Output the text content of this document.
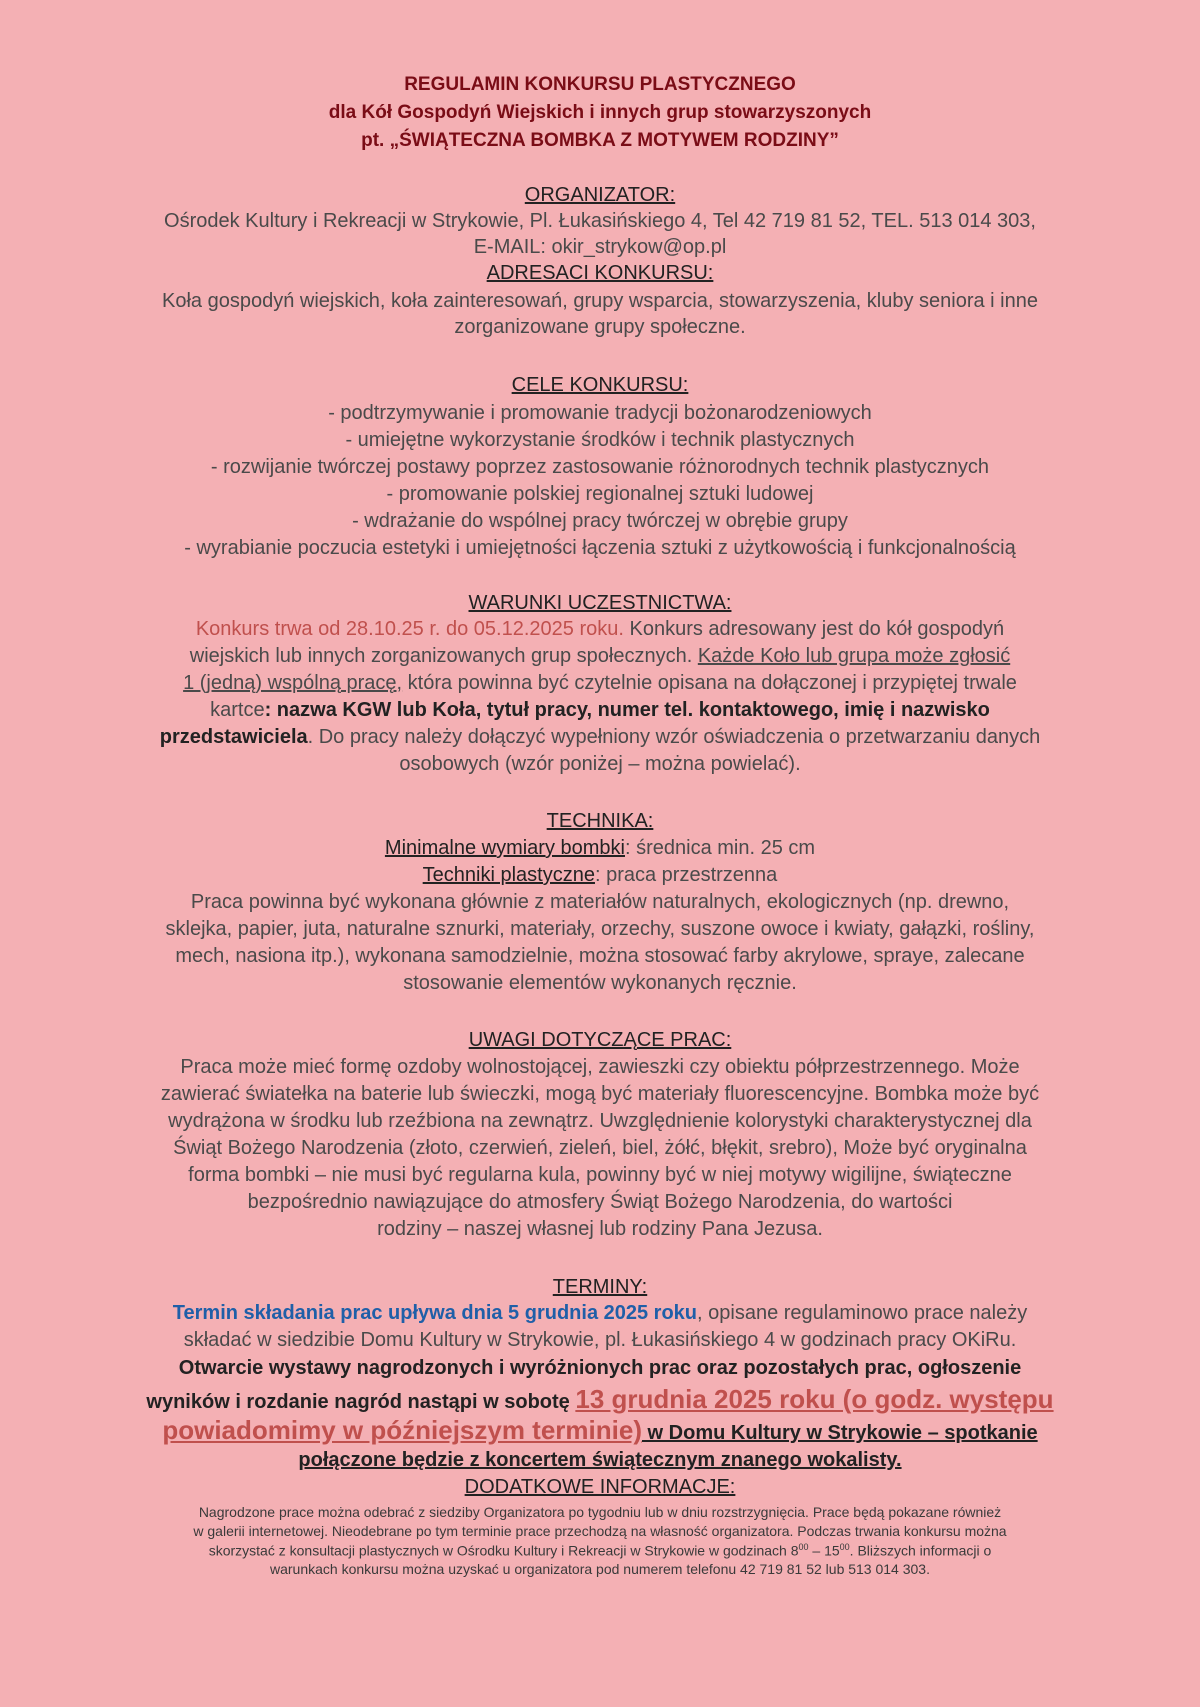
REGULAMIN KONKURSU PLASTYCZNEGO
dla Kół Gospodyń Wiejskich i innych grup stowarzyszonych
pt. „ŚWIĄTECZNA BOMBKA Z MOTYWEM RODZINY”
ORGANIZATOR:
Ośrodek Kultury i Rekreacji w Strykowie, Pl. Łukasińskiego 4, Tel 42 719 81 52, TEL. 513 014 303,
E-MAIL: okir_strykow@op.pl
ADRESACI KONKURSU:
Koła gospodyń wiejskich, koła zainteresowań, grupy wsparcia, stowarzyszenia, kluby seniora i inne
zorganizowane grupy społeczne.
CELE KONKURSU:
- podtrzymywanie i promowanie tradycji bożonarodzeniowych
- umiejętne wykorzystanie środków i technik plastycznych
- rozwijanie twórczej postawy poprzez zastosowanie różnorodnych technik plastycznych
- promowanie polskiej regionalnej sztuki ludowej
- wdrażanie do wspólnej pracy twórczej w obrębie grupy
- wyrabianie poczucia estetyki i umiejętności łączenia sztuki z użytkowością i funkcjonalnością
WARUNKI UCZESTNICTWA:
Konkurs trwa od 28.10.25 r. do 05.12.2025 roku. Konkurs adresowany jest do kół gospodyń
wiejskich lub innych zorganizowanych grup społecznych. Każde Koło lub grupa może zgłosić
1 (jedną) wspólną pracę, która powinna być czytelnie opisana na dołączonej i przypiętej trwale
kartce: nazwa KGW lub Koła, tytuł pracy, numer tel. kontaktowego, imię i nazwisko
przedstawiciela. Do pracy należy dołączyć wypełniony wzór oświadczenia o przetwarzaniu danych
osobowych (wzór poniżej – można powielać).
TECHNIKA:
Minimalne wymiary bombki: średnica min. 25 cm
Techniki plastyczne: praca przestrzenna
Praca powinna być wykonana głównie z materiałów naturalnych, ekologicznych (np. drewno,
sklejka, papier, juta, naturalne sznurki, materiały, orzechy, suszone owoce i kwiaty, gałązki, rośliny,
mech, nasiona itp.), wykonana samodzielnie, można stosować farby akrylowe, spraye, zalecane
stosowanie elementów wykonanych ręcznie.
UWAGI DOTYCZĄCE PRAC:
Praca może mieć formę ozdoby wolnostojącej, zawieszki czy obiektu półprzestrzennego. Może
zawierać światełka na baterie lub świeczki, mogą być materiały fluorescencyjne. Bombka może być
wydrążona w środku lub rzeźbiona na zewnątrz. Uwzględnienie kolorystyki charakterystycznej dla
Świąt Bożego Narodzenia (złoto, czerwień, zieleń, biel, żółć, błękit, srebro), Może być oryginalna
forma bombki – nie musi być regularna kula, powinny być w niej motywy wigilijne, świąteczne
bezpośrednio nawiązujące do atmosfery Świąt Bożego Narodzenia, do wartości
rodziny – naszej własnej lub rodziny Pana Jezusa.
TERMINY:
Termin składania prac upływa dnia 5 grudnia 2025 roku, opisane regulaminowo prace należy
składać w siedzibie Domu Kultury w Strykowie, pl. Łukasińskiego 4 w godzinach pracy OKiRu.
Otwarcie wystawy nagrodzonych i wyróżnionych prac oraz pozostałych prac, ogłoszenie
wyników i rozdanie nagród nastąpi w sobotę 13 grudnia 2025 roku (o godz. występu
powiadomimy w późniejszym terminie) w Domu Kultury w Strykowie – spotkanie
połączone będzie z koncertem świątecznym znanego wokalisty.
DODATKOWE INFORMACJE:
Nagrodzone prace można odebrać z siedziby Organizatora po tygodniu lub w dniu rozstrzygnięcia. Prace będą pokazane również
w galerii internetowej. Nieodebrane po tym terminie prace przechodzą na własność organizatora. Podczas trwania konkursu można
skorzystać z konsultacji plastycznych w Ośrodku Kultury i Rekreacji w Strykowie w godzinach $8^{00} - 15^{00}$. Bliższych informacji o
warunkach konkursu można uzyskać u organizatora pod numerem telefonu 42 719 81 52 lub 513 014 303.
